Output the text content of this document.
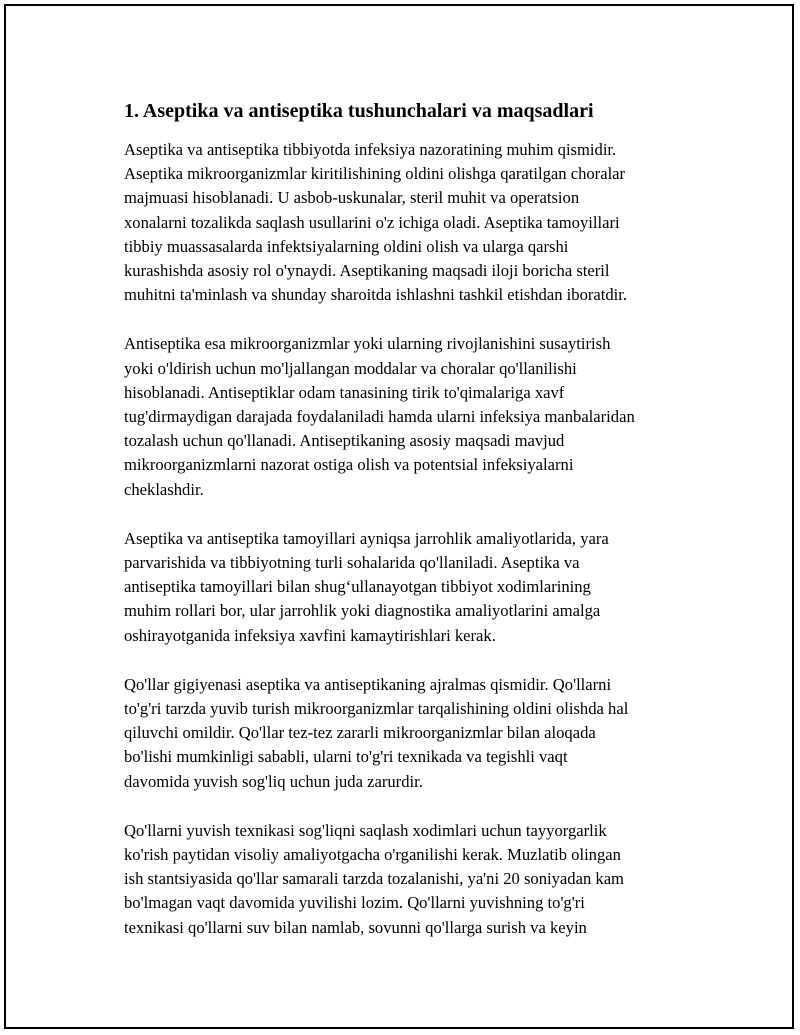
1. Aseptika va antiseptika tushunchalari va maqsadlari

Aseptika va antiseptika tibbiyotda infeksiya nazoratining muhim qismidir.
Aseptika mikroorganizmlar kiritilishining oldini olishga qaratilgan choralar
majmuasi hisoblanadi. U asbob-uskunalar, steril muhit va operatsion
xonalarni tozalikda saqlash usullarini o'z ichiga oladi. Aseptika tamoyillari
tibbiy muassasalarda infektsiyalarning oldini olish va ularga qarshi
kurashishda asosiy rol o'ynaydi. Aseptikaning maqsadi iloji boricha steril
muhitni ta'minlash va shunday sharoitda ishlashni tashkil etishdan iboratdir.

Antiseptika esa mikroorganizmlar yoki ularning rivojlanishini susaytirish
yoki o'ldirish uchun mo'ljallangan moddalar va choralar qo'llanilishi
hisoblanadi. Antiseptiklar odam tanasining tirik to'qimalariga xavf
tug'dirmaydigan darajada foydalaniladi hamda ularni infeksiya manbalaridan
tozalash uchun qo'llanadi. Antiseptikaning asosiy maqsadi mavjud
mikroorganizmlarni nazorat ostiga olish va potentsial infeksiyalarni
cheklashdir.

Aseptika va antiseptika tamoyillari ayniqsa jarrohlik amaliyotlarida, yara
parvarishida va tibbiyotning turli sohalarida qo'llaniladi. Aseptika va
antiseptika tamoyillari bilan shug‘ullanayotgan tibbiyot xodimlarining
muhim rollari bor, ular jarrohlik yoki diagnostika amaliyotlarini amalga
oshirayotganida infeksiya xavfini kamaytirishlari kerak.

Qo'llar gigiyenasi aseptika va antiseptikaning ajralmas qismidir. Qo'llarni
to'g'ri tarzda yuvib turish mikroorganizmlar tarqalishining oldini olishda hal
qiluvchi omildir. Qo'llar tez-tez zararli mikroorganizmlar bilan aloqada
bo'lishi mumkinligi sababli, ularni to'g'ri texnikada va tegishli vaqt
davomida yuvish sog'liq uchun juda zarurdir.

Qo'llarni yuvish texnikasi sog'liqni saqlash xodimlari uchun tayyorgarlik
ko'rish paytidan visoliy amaliyotgacha o'rganilishi kerak. Muzlatib olingan
ish stantsiyasida qo'llar samarali tarzda tozalanishi, ya'ni 20 soniyadan kam
bo'lmagan vaqt davomida yuvilishi lozim. Qo'llarni yuvishning to'g'ri
texnikasi qo'llarni suv bilan namlab, sovunni qo'llarga surish va keyin
